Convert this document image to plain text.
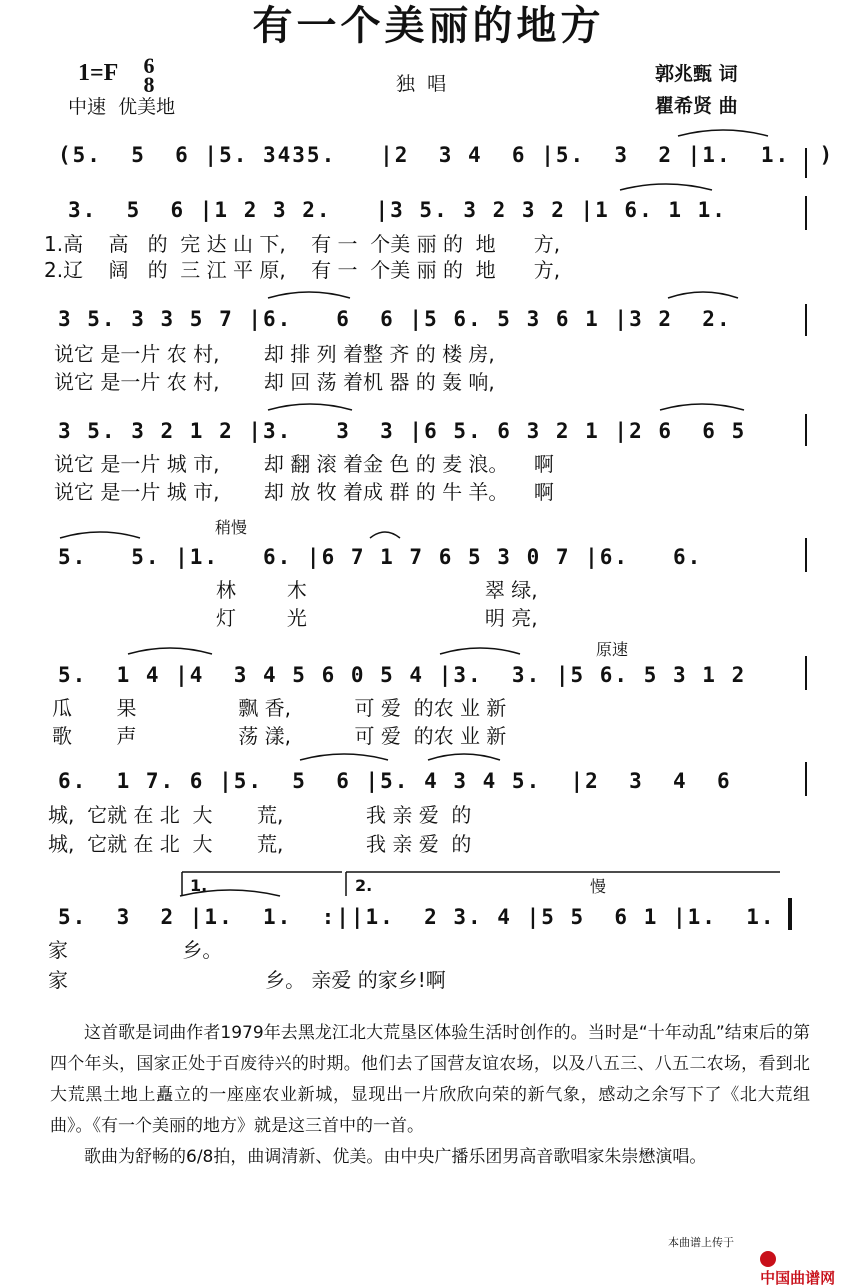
有一个美丽的地方
1=F 6
8	独  唱
中速  优美地
郭兆甄 词
瞿希贤 曲
(5.  5  6 |5. 3435.   |2  3 4  6 |5.  3  2 |1.  1.  )
3.  5  6 |1 2 3 2.   |3 5. 3 2 3 2 |1 6. 1 1.
1.高    高   的  完 达 山 下,    有 一  个美 丽 的  地      方,
2.辽    阔   的  三 江 平 原,    有 一  个美 丽 的  地      方,
3 5. 3 3 5 7 |6.   6  6 |5 6. 5 3 6 1 |3 2  2.
说它 是一片 农 村,       却 排 列 着整 齐 的 楼 房,
说它 是一片 农 村,       却 回 荡 着机 器 的 轰 响,
3 5. 3 2 1 2 |3.   3  3 |6 5. 6 3 2 1 |2 6  6 5
说它 是一片 城 市,       却 翻 滚 着金 色 的 麦 浪。    啊
说它 是一片 城 市,       却 放 牧 着成 群 的 牛 羊。    啊
稍慢
5.   5. |1.   6. |6 7 1 7 6 5 3 0 7 |6.   6.
林        木                            翠 绿,
灯        光                            明 亮,
原速
5.  1 4 |4  3 4 5 6 0 5 4 |3.  3. |5 6. 5 3 1 2
瓜       果                飘 香,          可 爱  的农 业 新
歌       声                荡 漾,          可 爱  的农 业 新
6.  1 7. 6 |5.  5  6 |5. 4 3 4 5.  |2  3  4  6
城,  它就 在 北  大       荒,             我 亲 爱  的
城,  它就 在 北  大       荒,             我 亲 爱  的
1.	2.	慢
5.  3  2 |1.  1.  :||1.  2 3. 4 |5 5  6 1 |1.  1.
家                  乡。
家                               乡。 亲爱 的家乡!啊

这首歌是词曲作者1979年去黑龙江北大荒垦区体验生活时创作的。当时是“十年动乱”结束后的第四个年头，国家正处于百废待兴的时期。他们去了国营友谊农场，以及八五三、八五二农场，看到北大荒黑土地上矗立的一座座农业新城，显现出一片欣欣向荣的新气象，感动之余写下了《北大荒组曲》。《有一个美丽的地方》就是这三首中的一首。

歌曲为舒畅的6/8拍，曲调清新、优美。由中央广播乐团男高音歌唱家朱崇懋演唱。

本曲谱上传于

中国曲谱网
